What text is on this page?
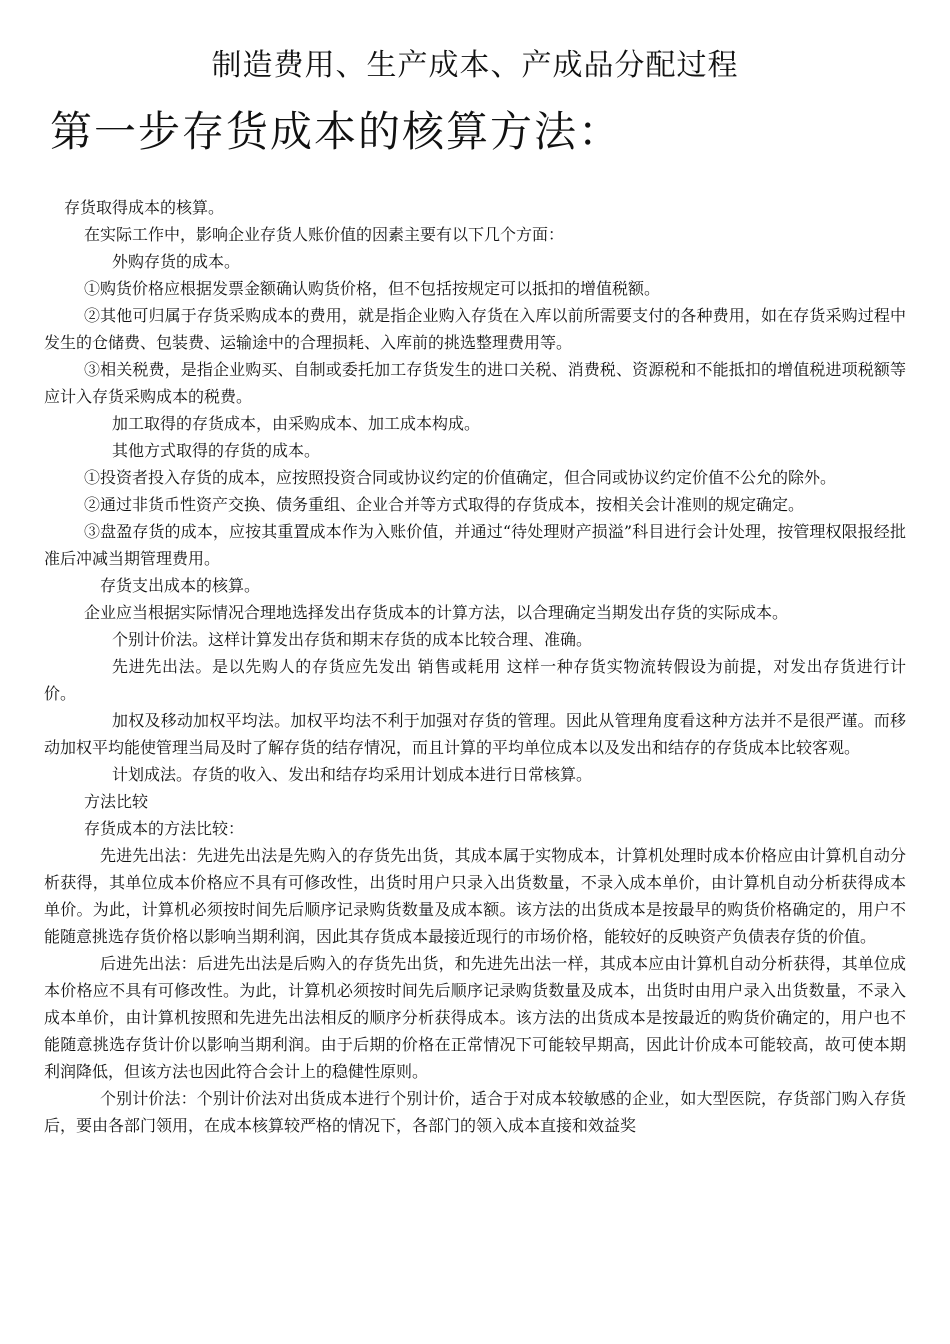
制造费用、生产成本、产成品分配过程
第一步存货成本的核算方法：

存货取得成本的核算。

在实际工作中，影响企业存货人账价值的因素主要有以下几个方面：

外购存货的成本。

①购货价格应根据发票金额确认购货价格，但不包括按规定可以抵扣的增值税额。

②其他可归属于存货采购成本的费用，就是指企业购入存货在入库以前所需要支付的各种费用，如在存货采购过程中发生的仓储费、包装费、运输途中的合理损耗、入库前的挑选整理费用等。

③相关税费，是指企业购买、自制或委托加工存货发生的进口关税、消费税、资源税和不能抵扣的增值税进项税额等应计入存货采购成本的税费。

加工取得的存货成本，由采购成本、加工成本构成。

其他方式取得的存货的成本。

①投资者投入存货的成本，应按照投资合同或协议约定的价值确定，但合同或协议约定价值不公允的除外。

②通过非货币性资产交换、债务重组、企业合并等方式取得的存货成本，按相关会计准则的规定确定。

③盘盈存货的成本，应按其重置成本作为入账价值，并通过“待处理财产损溢”科目进行会计处理，按管理权限报经批准后冲减当期管理费用。

存货支出成本的核算。

企业应当根据实际情况合理地选择发出存货成本的计算方法，以合理确定当期发出存货的实际成本。

个别计价法。这样计算发出存货和期末存货的成本比较合理、准确。

先进先出法。是以先购人的存货应先发出 销售或耗用 这样一种存货实物流转假设为前提，对发出存货进行计价。

加权及移动加权平均法。加权平均法不利于加强对存货的管理。因此从管理角度看这种方法并不是很严谨。而移动加权平均能使管理当局及时了解存货的结存情况，而且计算的平均单位成本以及发出和结存的存货成本比较客观。

计划成法。存货的收入、发出和结存均采用计划成本进行日常核算。

方法比较

存货成本的方法比较：

先进先出法：先进先出法是先购入的存货先出货，其成本属于实物成本，计算机处理时成本价格应由计算机自动分析获得，其单位成本价格应不具有可修改性，出货时用户只录入出货数量，不录入成本单价，由计算机自动分析获得成本单价。为此，计算机必须按时间先后顺序记录购货数量及成本额。该方法的出货成本是按最早的购货价格确定的，用户不能随意挑选存货价格以影响当期利润，因此其存货成本最接近现行的市场价格，能较好的反映资产负债表存货的价值。

后进先出法：后进先出法是后购入的存货先出货，和先进先出法一样，其成本应由计算机自动分析获得，其单位成本价格应不具有可修改性。为此，计算机必须按时间先后顺序记录购货数量及成本，出货时由用户录入出货数量，不录入成本单价，由计算机按照和先进先出法相反的顺序分析获得成本。该方法的出货成本是按最近的购货价确定的，用户也不能随意挑选存货计价以影响当期利润。由于后期的价格在正常情况下可能较早期高，因此计价成本可能较高，故可使本期利润降低，但该方法也因此符合会计上的稳健性原则。

个别计价法：个别计价法对出货成本进行个别计价，适合于对成本较敏感的企业，如大型医院，存货部门购入存货后，要由各部门领用，在成本核算较严格的情况下，各部门的领入成本直接和效益奖
